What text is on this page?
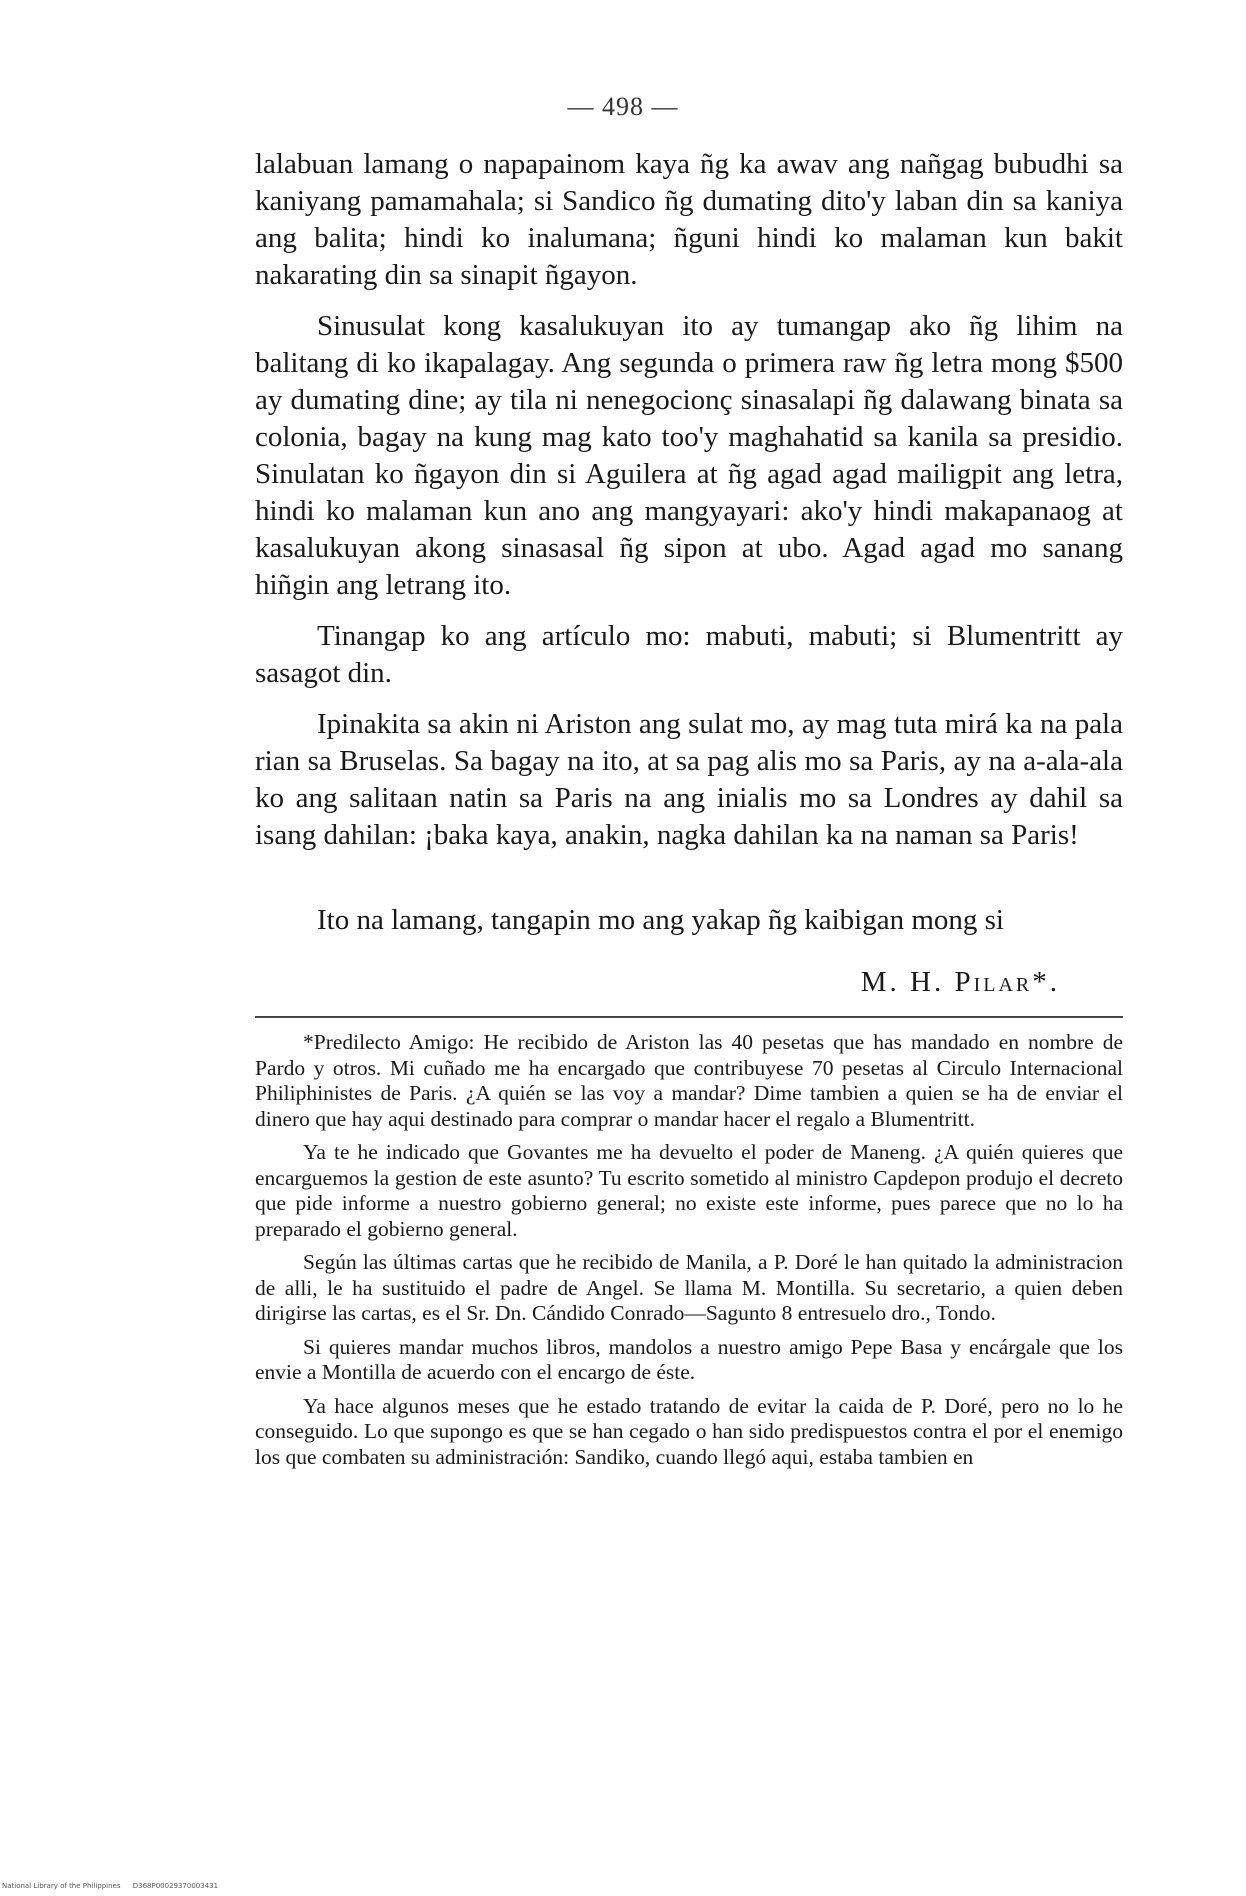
— 498 —

lalabuan lamang o napapainom kaya ñg ka awav ang nañgag bubudhi sa kaniyang pamamahala; si Sandico ñg dumating dito'y laban din sa kaniya ang balita; hindi ko inalumana; ñguni hindi ko malaman kun bakit nakarating din sa sinapit ñgayon.

Sinusulat kong kasalukuyan ito ay tumangap ako ñg lihim na balitang di ko ikapalagay. Ang segunda o primera raw ñg letra mong $500 ay dumating dine; ay tila ni nenegocionç sinasalapi ñg dalawang binata sa colonia, bagay na kung mag kato too'y maghahatid sa kanila sa presidio. Sinulatan ko ñgayon din si Aguilera at ñg agad agad mailigpit ang letra, hindi ko malaman kun ano ang mangyayari: ako'y hindi makapanaog at kasalukuyan akong sinasasal ñg sipon at ubo. Agad agad mo sanang hiñgin ang letrang ito.

Tinangap ko ang artículo mo: mabuti, mabuti; si Blumentritt ay sasagot din.

Ipinakita sa akin ni Ariston ang sulat mo, ay mag tuta mirá ka na pala rian sa Bruselas. Sa bagay na ito, at sa pag alis mo sa Paris, ay na a-ala-ala ko ang salitaan natin sa Paris na ang inialis mo sa Londres ay dahil sa isang dahilan: ¡baka kaya, anakin, nagka dahilan ka na naman sa Paris!

Ito na lamang, tangapin mo ang yakap ñg kaibigan mong si
M. H. Pilar*.

*Predilecto Amigo: He recibido de Ariston las 40 pesetas que has mandado en nombre de Pardo y otros. Mi cuñado me ha encargado que contribuyese 70 pesetas al Circulo Internacional Philiphinistes de Paris. ¿A quién se las voy a mandar? Dime tambien a quien se ha de enviar el dinero que hay aqui destinado para comprar o mandar hacer el regalo a Blumentritt.

Ya te he indicado que Govantes me ha devuelto el poder de Maneng. ¿A quién quieres que encarguemos la gestion de este asunto? Tu escrito sometido al ministro Capdepon produjo el decreto que pide informe a nuestro gobierno general; no existe este informe, pues parece que no lo ha preparado el gobierno general.

Según las últimas cartas que he recibido de Manila, a P. Doré le han quitado la administracion de alli, le ha sustituido el padre de Angel. Se llama M. Montilla. Su secretario, a quien deben dirigirse las cartas, es el Sr. Dn. Cándido Conrado—Sagunto 8 entresuelo dro., Tondo.

Si quieres mandar muchos libros, mandolos a nuestro amigo Pepe Basa y encárgale que los envie a Montilla de acuerdo con el encargo de éste.

Ya hace algunos meses que he estado tratando de evitar la caida de P. Doré, pero no lo he conseguido. Lo que supongo es que se han cegado o han sido predispuestos contra el por el enemigo los que combaten su administración: Sandiko, cuando llegó aqui, estaba tambien en

National Library of the Philippines D368P00029370003431
